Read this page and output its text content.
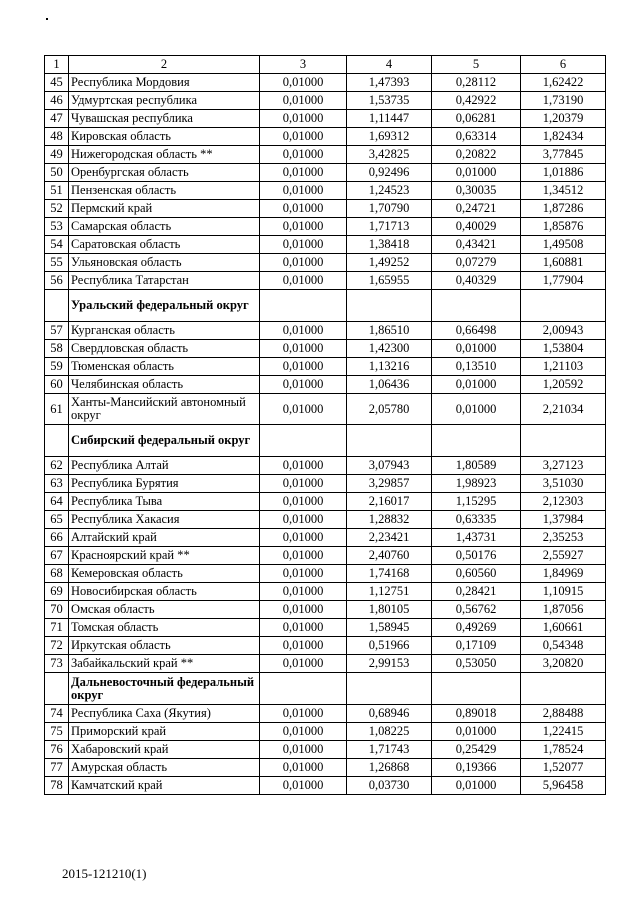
1	2	3	4	5	6
45	Республика Мордовия	0,01000	1,47393	0,28112	1,62422
46	Удмуртская республика	0,01000	1,53735	0,42922	1,73190
47	Чувашская республика	0,01000	1,11447	0,06281	1,20379
48	Кировская область	0,01000	1,69312	0,63314	1,82434
49	Нижегородская область **	0,01000	3,42825	0,20822	3,77845
50	Оренбургская область	0,01000	0,92496	0,01000	1,01886
51	Пензенская область	0,01000	1,24523	0,30035	1,34512
52	Пермский край	0,01000	1,70790	0,24721	1,87286
53	Самарская область	0,01000	1,71713	0,40029	1,85876
54	Саратовская область	0,01000	1,38418	0,43421	1,49508
55	Ульяновская область	0,01000	1,49252	0,07279	1,60881
56	Республика Татарстан	0,01000	1,65955	0,40329	1,77904
	Уральский федеральный округ				
57	Курганская область	0,01000	1,86510	0,66498	2,00943
58	Свердловская область	0,01000	1,42300	0,01000	1,53804
59	Тюменская область	0,01000	1,13216	0,13510	1,21103
60	Челябинская область	0,01000	1,06436	0,01000	1,20592
61	Ханты-Мансийский автономный округ	0,01000	2,05780	0,01000	2,21034
	Сибирский федеральный округ				
62	Республика Алтай	0,01000	3,07943	1,80589	3,27123
63	Республика Бурятия	0,01000	3,29857	1,98923	3,51030
64	Республика Тыва	0,01000	2,16017	1,15295	2,12303
65	Республика Хакасия	0,01000	1,28832	0,63335	1,37984
66	Алтайский край	0,01000	2,23421	1,43731	2,35253
67	Красноярский край **	0,01000	2,40760	0,50176	2,55927
68	Кемеровская область	0,01000	1,74168	0,60560	1,84969
69	Новосибирская область	0,01000	1,12751	0,28421	1,10915
70	Омская область	0,01000	1,80105	0,56762	1,87056
71	Томская область	0,01000	1,58945	0,49269	1,60661
72	Иркутская область	0,01000	0,51966	0,17109	0,54348
73	Забайкальский край **	0,01000	2,99153	0,53050	3,20820
	Дальневосточный федеральный округ				
74	Республика Саха (Якутия)	0,01000	0,68946	0,89018	2,88488
75	Приморский край	0,01000	1,08225	0,01000	1,22415
76	Хабаровский край	0,01000	1,71743	0,25429	1,78524
77	Амурская область	0,01000	1,26868	0,19366	1,52077
78	Камчатский край	0,01000	0,03730	0,01000	5,96458
2015-121210(1)
